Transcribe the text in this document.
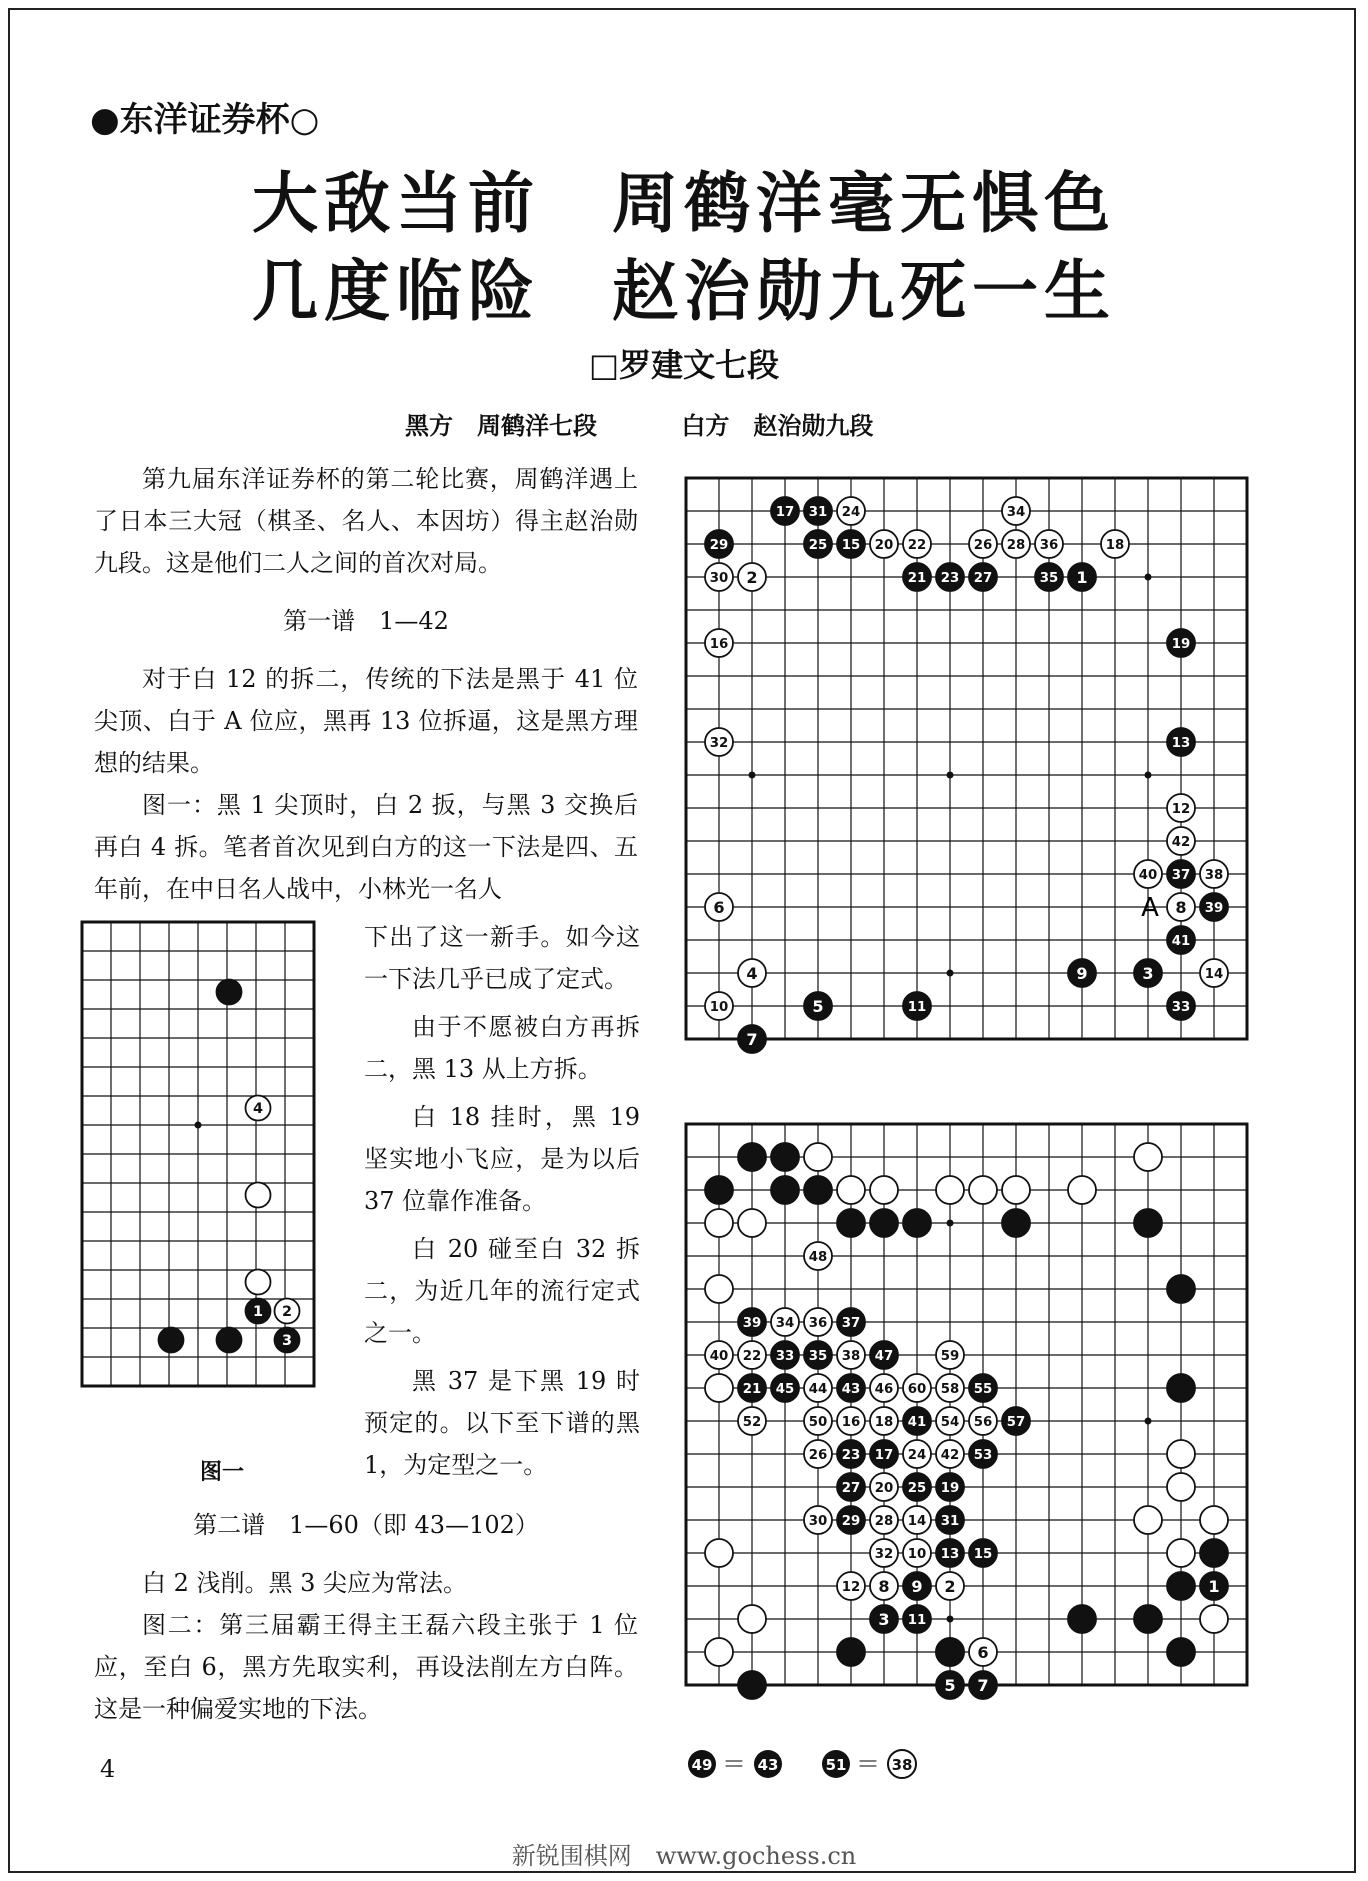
●东洋证券杯○
大敌当前　周鹤洋毫无惧色
几度临险　赵治勋九死一生
□罗建文七段
黑方　周鹤洋七段	白方　赵治勋九段

第九届东洋证券杯的第二轮比赛，周鹤洋遇上了日本三大冠（棋圣、名人、本因坊）得主赵治勋九段。这是他们二人之间的首次对局。

第一谱　1—42

对于白 12 的拆二，传统的下法是黑于 41 位尖顶、白于 A 位应，黑再 13 位拆逼，这是黑方理想的结果。

图一：黑 1 尖顶时，白 2 扳，与黑 3 交换后再白 4 拆。笔者首次见到白方的这一下法是四、五年前，在中日名人战中，小林光一名人

下出了这一新手。如今这一下法几乎已成了定式。

由于不愿被白方再拆二，黑 13 从上方拆。

白 18 挂时，黑 19 坚实地小飞应，是为以后 37 位靠作准备。

白 20 碰至白 32 拆二，为近几年的流行定式之一。

黑 37 是下黑 19 时预定的。以下至下谱的黑 1，为定型之一。

第二谱　1—60（即 43—102）

白 2 浅削。黑 3 尖应为常法。

图二：第三届霸王得主王磊六段主张于 1 位应，至白 6，黑方先取实利，再设法削左方白阵。这是一种偏爱实地的下法。

4
1 2
3
图一
34
18
1
19
13
12
42
40 37 38
8 39
41
9	3	14
33
17 31 24
29	25 15 20 22	26 28 36
30 2	21 23 27	35
16
32
6
4
10	5	11
7
A
48
39 34 36 37
40 22 33 35 38 47	59
21 45 44 43 46 60 58 55
52	50 16 18 41 54 56 57
26 23 17 24 42 53
27 20 25 19
30 29 28 14 31
32 10 13 15
12 8 9 2
3 11
6
5 7
1
49 ＝ 43	51 ＝ 38
4
新锐围棋网　www.gochess.cn
